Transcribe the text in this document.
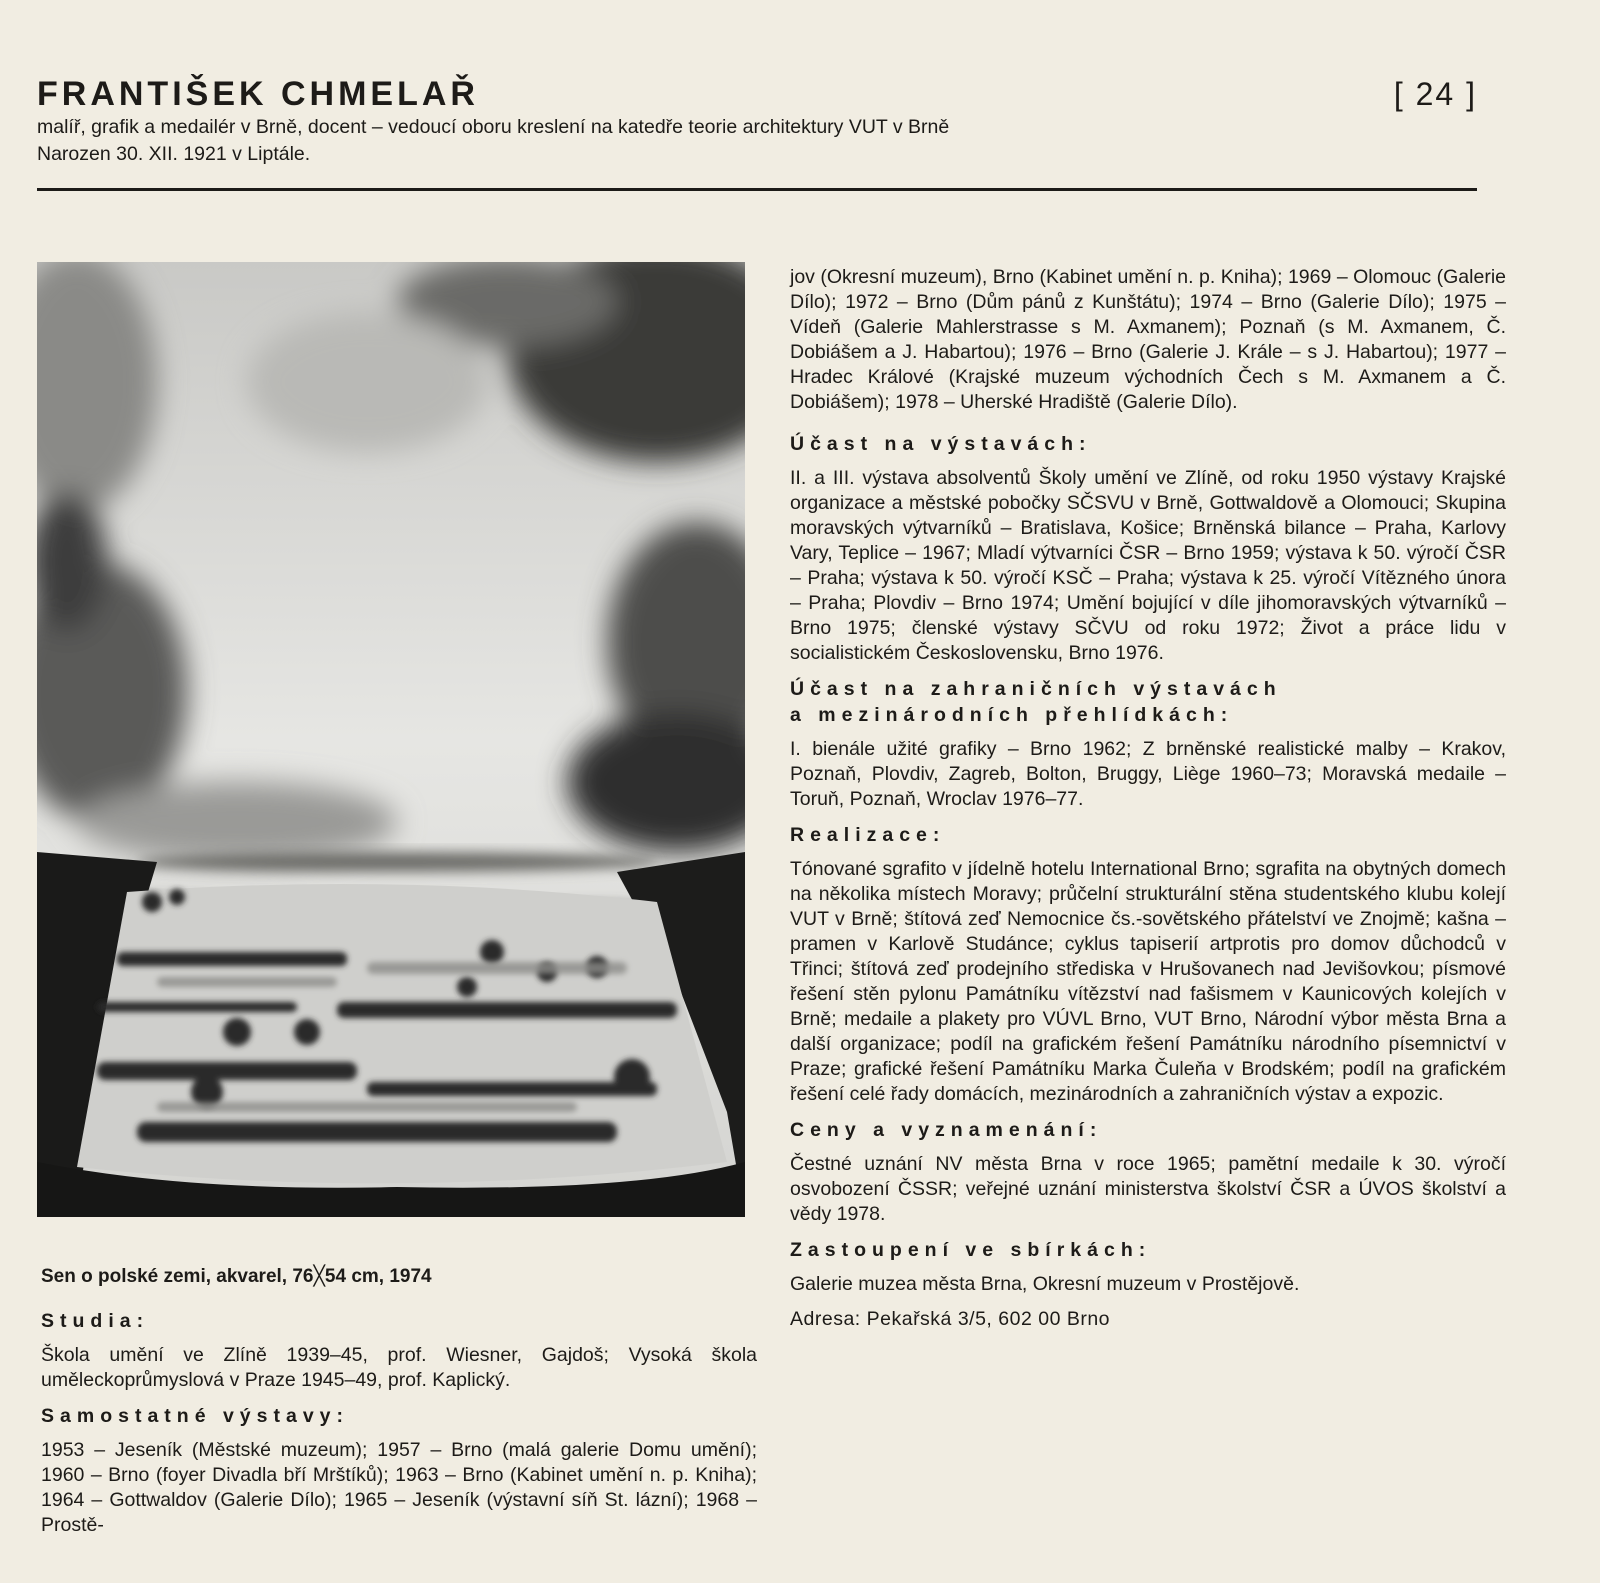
FRANTIŠEK CHMELAŘ	[ 24 ]

malíř, grafik a medailér v Brně, docent – vedoucí oboru kreslení na katedře teorie architektury VUT v Brně

Narozen 30. XII. 1921 v Liptále.

Sen o polské zemi, akvarel, 76╳54 cm, 1974

Studia:

Škola umění ve Zlíně 1939–45, prof. Wiesner, Gajdoš; Vysoká škola uměleckoprůmyslová v Praze 1945–49, prof. Kaplický.

Samostatné výstavy:

1953 – Jeseník (Městské muzeum); 1957 – Brno (malá galerie Domu umění); 1960 – Brno (foyer Divadla bří Mrštíků); 1963 – Brno (Kabinet umění n. p. Kniha); 1964 – Gottwaldov (Galerie Dílo); 1965 – Jeseník (výstavní síň St. lázní); 1968 – Prostě-

jov (Okresní muzeum), Brno (Kabinet umění n. p. Kniha); 1969 – Olomouc (Galerie Dílo); 1972 – Brno (Dům pánů z Kunštátu); 1974 – Brno (Galerie Dílo); 1975 – Vídeň (Galerie Mahlerstrasse s M. Axmanem); Poznaň (s M. Axmanem, Č. Dobiášem a J. Habartou); 1976 – Brno (Galerie J. Krále – s J. Habartou); 1977 – Hradec Králové (Krajské muzeum východních Čech s M. Axmanem a Č. Dobiášem); 1978 – Uherské Hradiště (Galerie Dílo).

Účast na výstavách:

II. a III. výstava absolventů Školy umění ve Zlíně, od roku 1950 výstavy Krajské organizace a městské pobočky SČSVU v Brně, Gottwaldově a Olomouci; Skupina moravských výtvarníků – Bratislava, Košice; Brněnská bilance – Praha, Karlovy Vary, Teplice – 1967; Mladí výtvarníci ČSR – Brno 1959; výstava k 50. výročí ČSR – Praha; výstava k 50. výročí KSČ – Praha; výstava k 25. výročí Vítězného února – Praha; Plovdiv – Brno 1974; Umění bojující v díle jihomoravských výtvarníků – Brno 1975; členské výstavy SČVU od roku 1972; Život a práce lidu v socialistickém Československu, Brno 1976.

Účast na zahraničních výstavách
a mezinárodních přehlídkách:

I. bienále užité grafiky – Brno 1962; Z brněnské realistické malby – Krakov, Poznaň, Plovdiv, Zagreb, Bolton, Bruggy, Liège 1960–73; Moravská medaile – Toruň, Poznaň, Wroclav 1976–77.

Realizace:

Tónované sgrafito v jídelně hotelu International Brno; sgrafita na obytných domech na několika místech Moravy; průčelní strukturální stěna studentského klubu kolejí VUT v Brně; štítová zeď Nemocnice čs.-sovětského přátelství ve Znojmě; kašna – pramen v Karlově Studánce; cyklus tapiserií artprotis pro domov důchodců v Třinci; štítová zeď prodejního střediska v Hrušovanech nad Jevišovkou; písmové řešení stěn pylonu Památníku vítězství nad fašismem v Kaunicových kolejích v Brně; medaile a plakety pro VÚVL Brno, VUT Brno, Národní výbor města Brna a další organizace; podíl na grafickém řešení Památníku národního písemnictví v Praze; grafické řešení Památníku Marka Čuleňa v Brodském; podíl na grafickém řešení celé řady domácích, mezinárodních a zahraničních výstav a expozic.

Ceny a vyznamenání:

Čestné uznání NV města Brna v roce 1965; pamětní medaile k 30. výročí osvobození ČSSR; veřejné uznání ministerstva školství ČSR a ÚVOS školství a vědy 1978.

Zastoupení ve sbírkách:

Galerie muzea města Brna, Okresní muzeum v Prostějově.

Adresa: Pekařská 3/5, 602 00 Brno
